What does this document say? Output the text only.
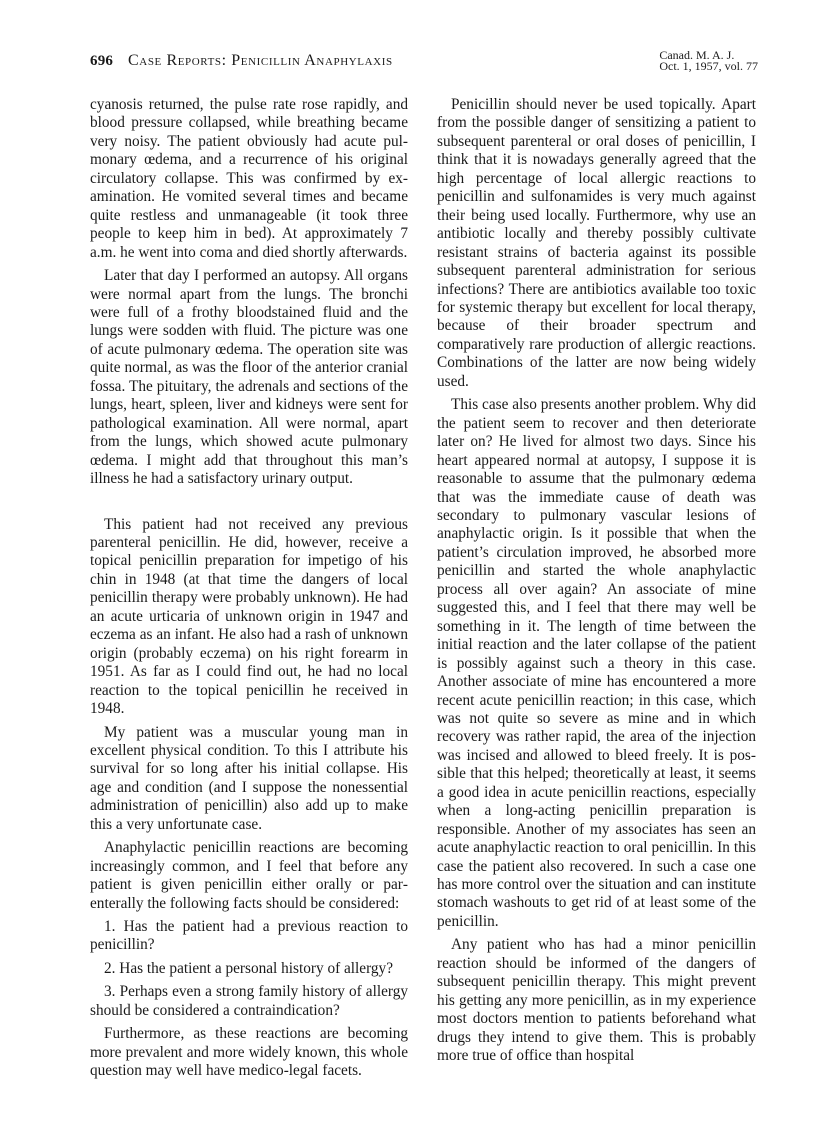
696 Case Reports: Penicillin Anaphylaxis	Canad. M. A. J.
Oct. 1, 1957, vol. 77

cyanosis returned, the pulse rate rose rapidly, and blood pressure collapsed, while breathing became very noisy. The patient obviously had acute pulmonary œdema, and a recurrence of his original circulatory collapse. This was confirmed by examination. He vomited several times and became quite restless and unmanageable (it took three people to keep him in bed). At approximately 7 a.m. he went into coma and died shortly afterwards.

Later that day I performed an autopsy. All organs were normal apart from the lungs. The bronchi were full of a frothy bloodstained fluid and the lungs were sodden with fluid. The picture was one of acute pulmonary œdema. The operation site was quite normal, as was the floor of the anterior cranial fossa. The pituitary, the adrenals and sections of the lungs, heart, spleen, liver and kidneys were sent for pathological examination. All were normal, apart from the lungs, which showed acute pulmonary œdema. I might add that throughout this man’s illness he had a satisfactory urinary output.

This patient had not received any previous parenteral penicillin. He did, however, receive a topical penicillin preparation for impetigo of his chin in 1948 (at that time the dangers of local penicillin therapy were probably unknown). He had an acute urticaria of unknown origin in 1947 and eczema as an infant. He also had a rash of unknown origin (probably eczema) on his right forearm in 1951. As far as I could find out, he had no local reaction to the topical penicillin he received in 1948.

My patient was a muscular young man in excellent physical condition. To this I attribute his survival for so long after his initial collapse. His age and condition (and I suppose the nonessential administration of penicillin) also add up to make this a very unfortunate case.

Anaphylactic penicillin reactions are becoming increasingly common, and I feel that before any patient is given penicillin either orally or parenterally the following facts should be considered:

1. Has the patient had a previous reaction to penicillin?

2. Has the patient a personal history of allergy?

3. Perhaps even a strong family history of allergy should be considered a contraindication?

Furthermore, as these reactions are becoming more prevalent and more widely known, this whole question may well have medico-legal facets.

Penicillin should never be used topically. Apart from the possible danger of sensitizing a patient to subsequent parenteral or oral doses of penicillin, I think that it is nowadays generally agreed that the high percentage of local allergic reactions to penicillin and sulfonamides is very much against their being used locally. Furthermore, why use an antibiotic locally and thereby possibly cultivate resistant strains of bacteria against its possible subsequent parenteral administration for serious infections? There are antibiotics available too toxic for systemic therapy but excellent for local therapy, because of their broader spectrum and comparatively rare production of allergic reactions. Combinations of the latter are now being widely used.

This case also presents another problem. Why did the patient seem to recover and then deteriorate later on? He lived for almost two days. Since his heart appeared normal at autopsy, I suppose it is reasonable to assume that the pulmonary œdema that was the immediate cause of death was secondary to pulmonary vascular lesions of anaphylactic origin. Is it possible that when the patient’s circulation improved, he absorbed more penicillin and started the whole anaphylactic process all over again? An associate of mine suggested this, and I feel that there may well be something in it. The length of time between the initial reaction and the later collapse of the patient is possibly against such a theory in this case. Another associate of mine has encountered a more recent acute penicillin reaction; in this case, which was not quite so severe as mine and in which recovery was rather rapid, the area of the injection was incised and allowed to bleed freely. It is possible that this helped; theoretically at least, it seems a good idea in acute penicillin reactions, especially when a long-acting penicillin preparation is responsible. Another of my associates has seen an acute anaphylactic reaction to oral penicillin. In this case the patient also recovered. In such a case one has more control over the situation and can institute stomach washouts to get rid of at least some of the penicillin.

Any patient who has had a minor penicillin reaction should be informed of the dangers of subsequent penicillin therapy. This might prevent his getting any more penicillin, as in my experience most doctors mention to patients beforehand what drugs they intend to give them. This is probably more true of office than hospital
